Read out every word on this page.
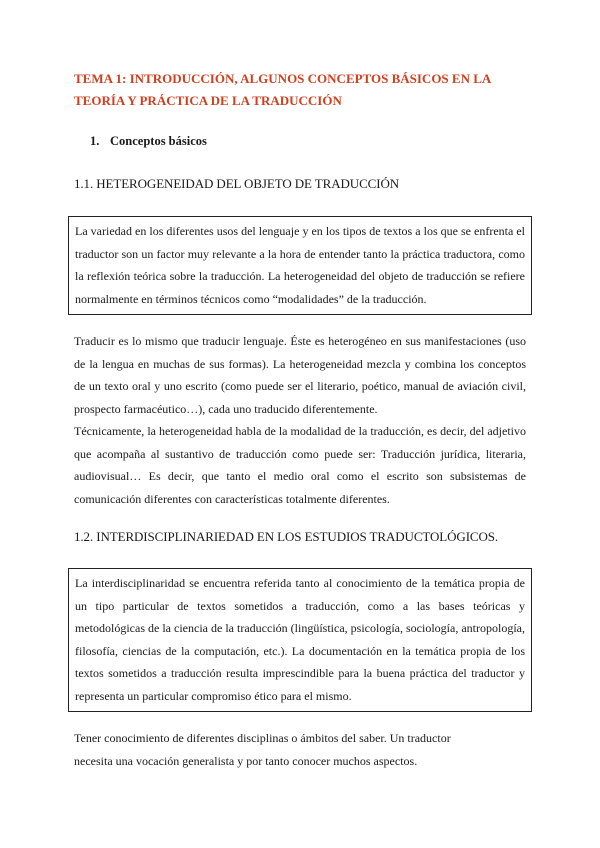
TEMA 1: INTRODUCCIÓN, ALGUNOS CONCEPTOS BÁSICOS EN LA TEORÍA Y PRÁCTICA DE LA TRADUCCIÓN
1. Conceptos básicos
1.1. HETEROGENEIDAD DEL OBJETO DE TRADUCCIÓN
La variedad en los diferentes usos del lenguaje y en los tipos de textos a los que se enfrenta el traductor son un factor muy relevante a la hora de entender tanto la práctica traductora, como la reflexión teórica sobre la traducción. La heterogeneidad del objeto de traducción se refiere normalmente en términos técnicos como “modalidades” de la traducción.
Traducir es lo mismo que traducir lenguaje. Éste es heterogéneo en sus manifestaciones (uso de la lengua en muchas de sus formas). La heterogeneidad mezcla y combina los conceptos de un texto oral y uno escrito (como puede ser el literario, poético, manual de aviación civil, prospecto farmacéutico…), cada uno traducido diferentemente.
Técnicamente, la heterogeneidad habla de la modalidad de la traducción, es decir, del adjetivo que acompaña al sustantivo de traducción como puede ser: Traducción jurídica, literaria, audiovisual… Es decir, que tanto el medio oral como el escrito son subsistemas de comunicación diferentes con características totalmente diferentes.
1.2. INTERDISCIPLINARIEDAD EN LOS ESTUDIOS TRADUCTOLÓGICOS.
La interdisciplinaridad se encuentra referida tanto al conocimiento de la temática propia de un tipo particular de textos sometidos a traducción, como a las bases teóricas y metodológicas de la ciencia de la traducción (lingüística, psicología, sociología, antropología, filosofía, ciencias de la computación, etc.). La documentación en la temática propia de los textos sometidos a traducción resulta imprescindible para la buena práctica del traductor y representa un particular compromiso ético para el mismo.
Tener conocimiento de diferentes disciplinas o ámbitos del saber. Un traductor
necesita una vocación generalista y por tanto conocer muchos aspectos.
